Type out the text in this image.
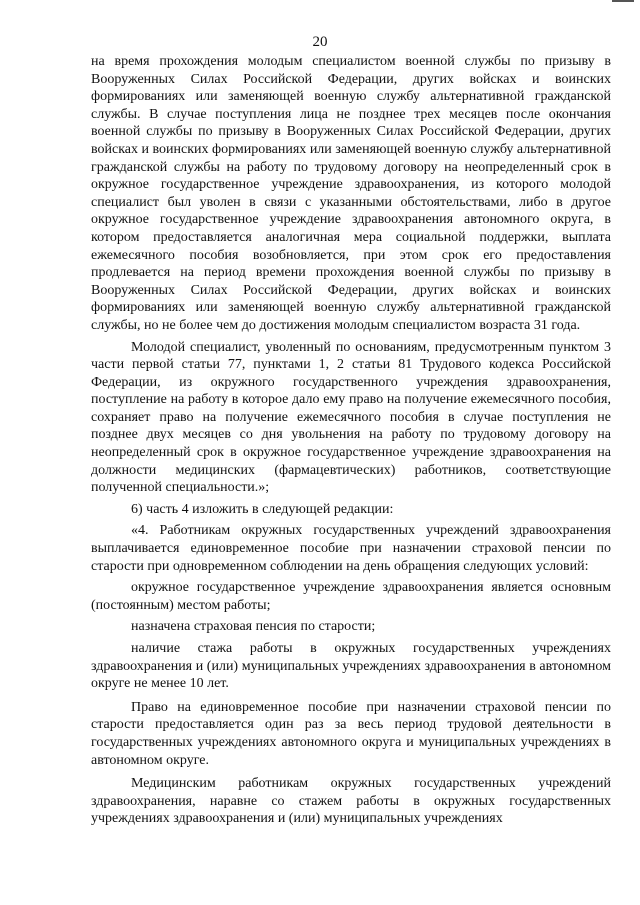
20

на время прохождения молодым специалистом военной службы по призыву в Вооруженных Силах Российской Федерации, других войсках и воинских формированиях или заменяющей военную службу альтернативной гражданской службы. В случае поступления лица не позднее трех месяцев после окончания военной службы по призыву в Вооруженных Силах Российской Федерации, других войсках и воинских формированиях или заменяющей военную службу альтернативной гражданской службы на работу по трудовому договору на неопределенный срок в окружное государственное учреждение здравоохранения, из которого молодой специалист был уволен в связи с указанными обстоятельствами, либо в другое окружное государственное учреждение здравоохранения автономного округа, в котором предоставляется аналогичная мера социальной поддержки, выплата ежемесячного пособия возобновляется, при этом срок его предоставления продлевается на период времени прохождения военной службы по призыву в Вооруженных Силах Российской Федерации, других войсках и воинских формированиях или заменяющей военную службу альтернативной гражданской службы, но не более чем до достижения молодым специалистом возраста 31 года.

Молодой специалист, уволенный по основаниям, предусмотренным пунктом 3 части первой статьи 77, пунктами 1, 2 статьи 81 Трудового кодекса Российской Федерации, из окружного государственного учреждения здравоохранения, поступление на работу в которое дало ему право на получение ежемесячного пособия, сохраняет право на получение ежемесячного пособия в случае поступления не позднее двух месяцев со дня увольнения на работу по трудовому договору на неопределенный срок в окружное государственное учреждение здравоохранения на должности медицинских (фармацевтических) работников, соответствующие полученной специальности.»;

6) часть 4 изложить в следующей редакции:

«4. Работникам окружных государственных учреждений здравоохранения выплачивается единовременное пособие при назначении страховой пенсии по старости при одновременном соблюдении на день обращения следующих условий:

окружное государственное учреждение здравоохранения является основным (постоянным) местом работы;

назначена страховая пенсия по старости;

наличие стажа работы в окружных государственных учреждениях здравоохранения и (или) муниципальных учреждениях здравоохранения в автономном округе не менее 10 лет.

Право на единовременное пособие при назначении страховой пенсии по старости предоставляется один раз за весь период трудовой деятельности в государственных учреждениях автономного округа и муниципальных учреждениях в автономном округе.

Медицинским работникам окружных государственных учреждений здравоохранения, наравне со стажем работы в окружных государственных учреждениях здравоохранения и (или) муниципальных учреждениях
